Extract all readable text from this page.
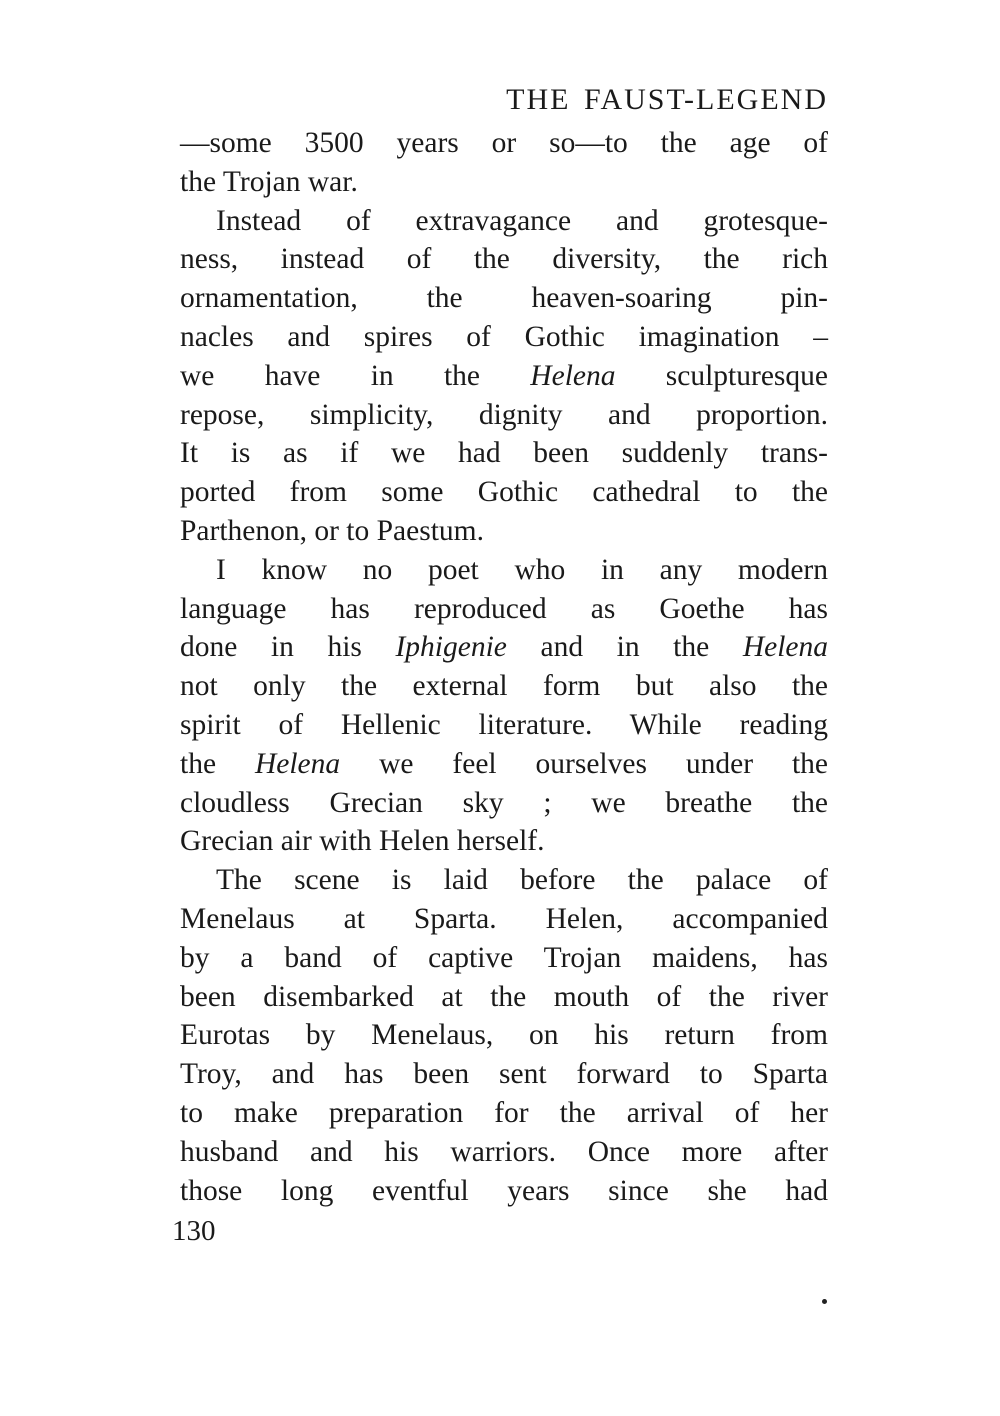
THE FAUST-LEGEND
—some 3500 years or so—to the age of
the Trojan war.
Instead of extravagance and grotesque-
ness, instead of the diversity, the rich
ornamentation, the heaven-soaring pin-
nacles and spires of Gothic imagination –
we have in the Helena sculpturesque
repose, simplicity, dignity and proportion.
It is as if we had been suddenly trans-
ported from some Gothic cathedral to the
Parthenon, or to Paestum.
I know no poet who in any modern
language has reproduced as Goethe has
done in his Iphigenie and in the Helena
not only the external form but also the
spirit of Hellenic literature. While reading
the Helena we feel ourselves under the
cloudless Grecian sky ; we breathe the
Grecian air with Helen herself.
The scene is laid before the palace of
Menelaus at Sparta. Helen, accompanied
by a band of captive Trojan maidens, has
been disembarked at the mouth of the river
Eurotas by Menelaus, on his return from
Troy, and has been sent forward to Sparta
to make preparation for the arrival of her
husband and his warriors. Once more after
those long eventful years since she had
130
